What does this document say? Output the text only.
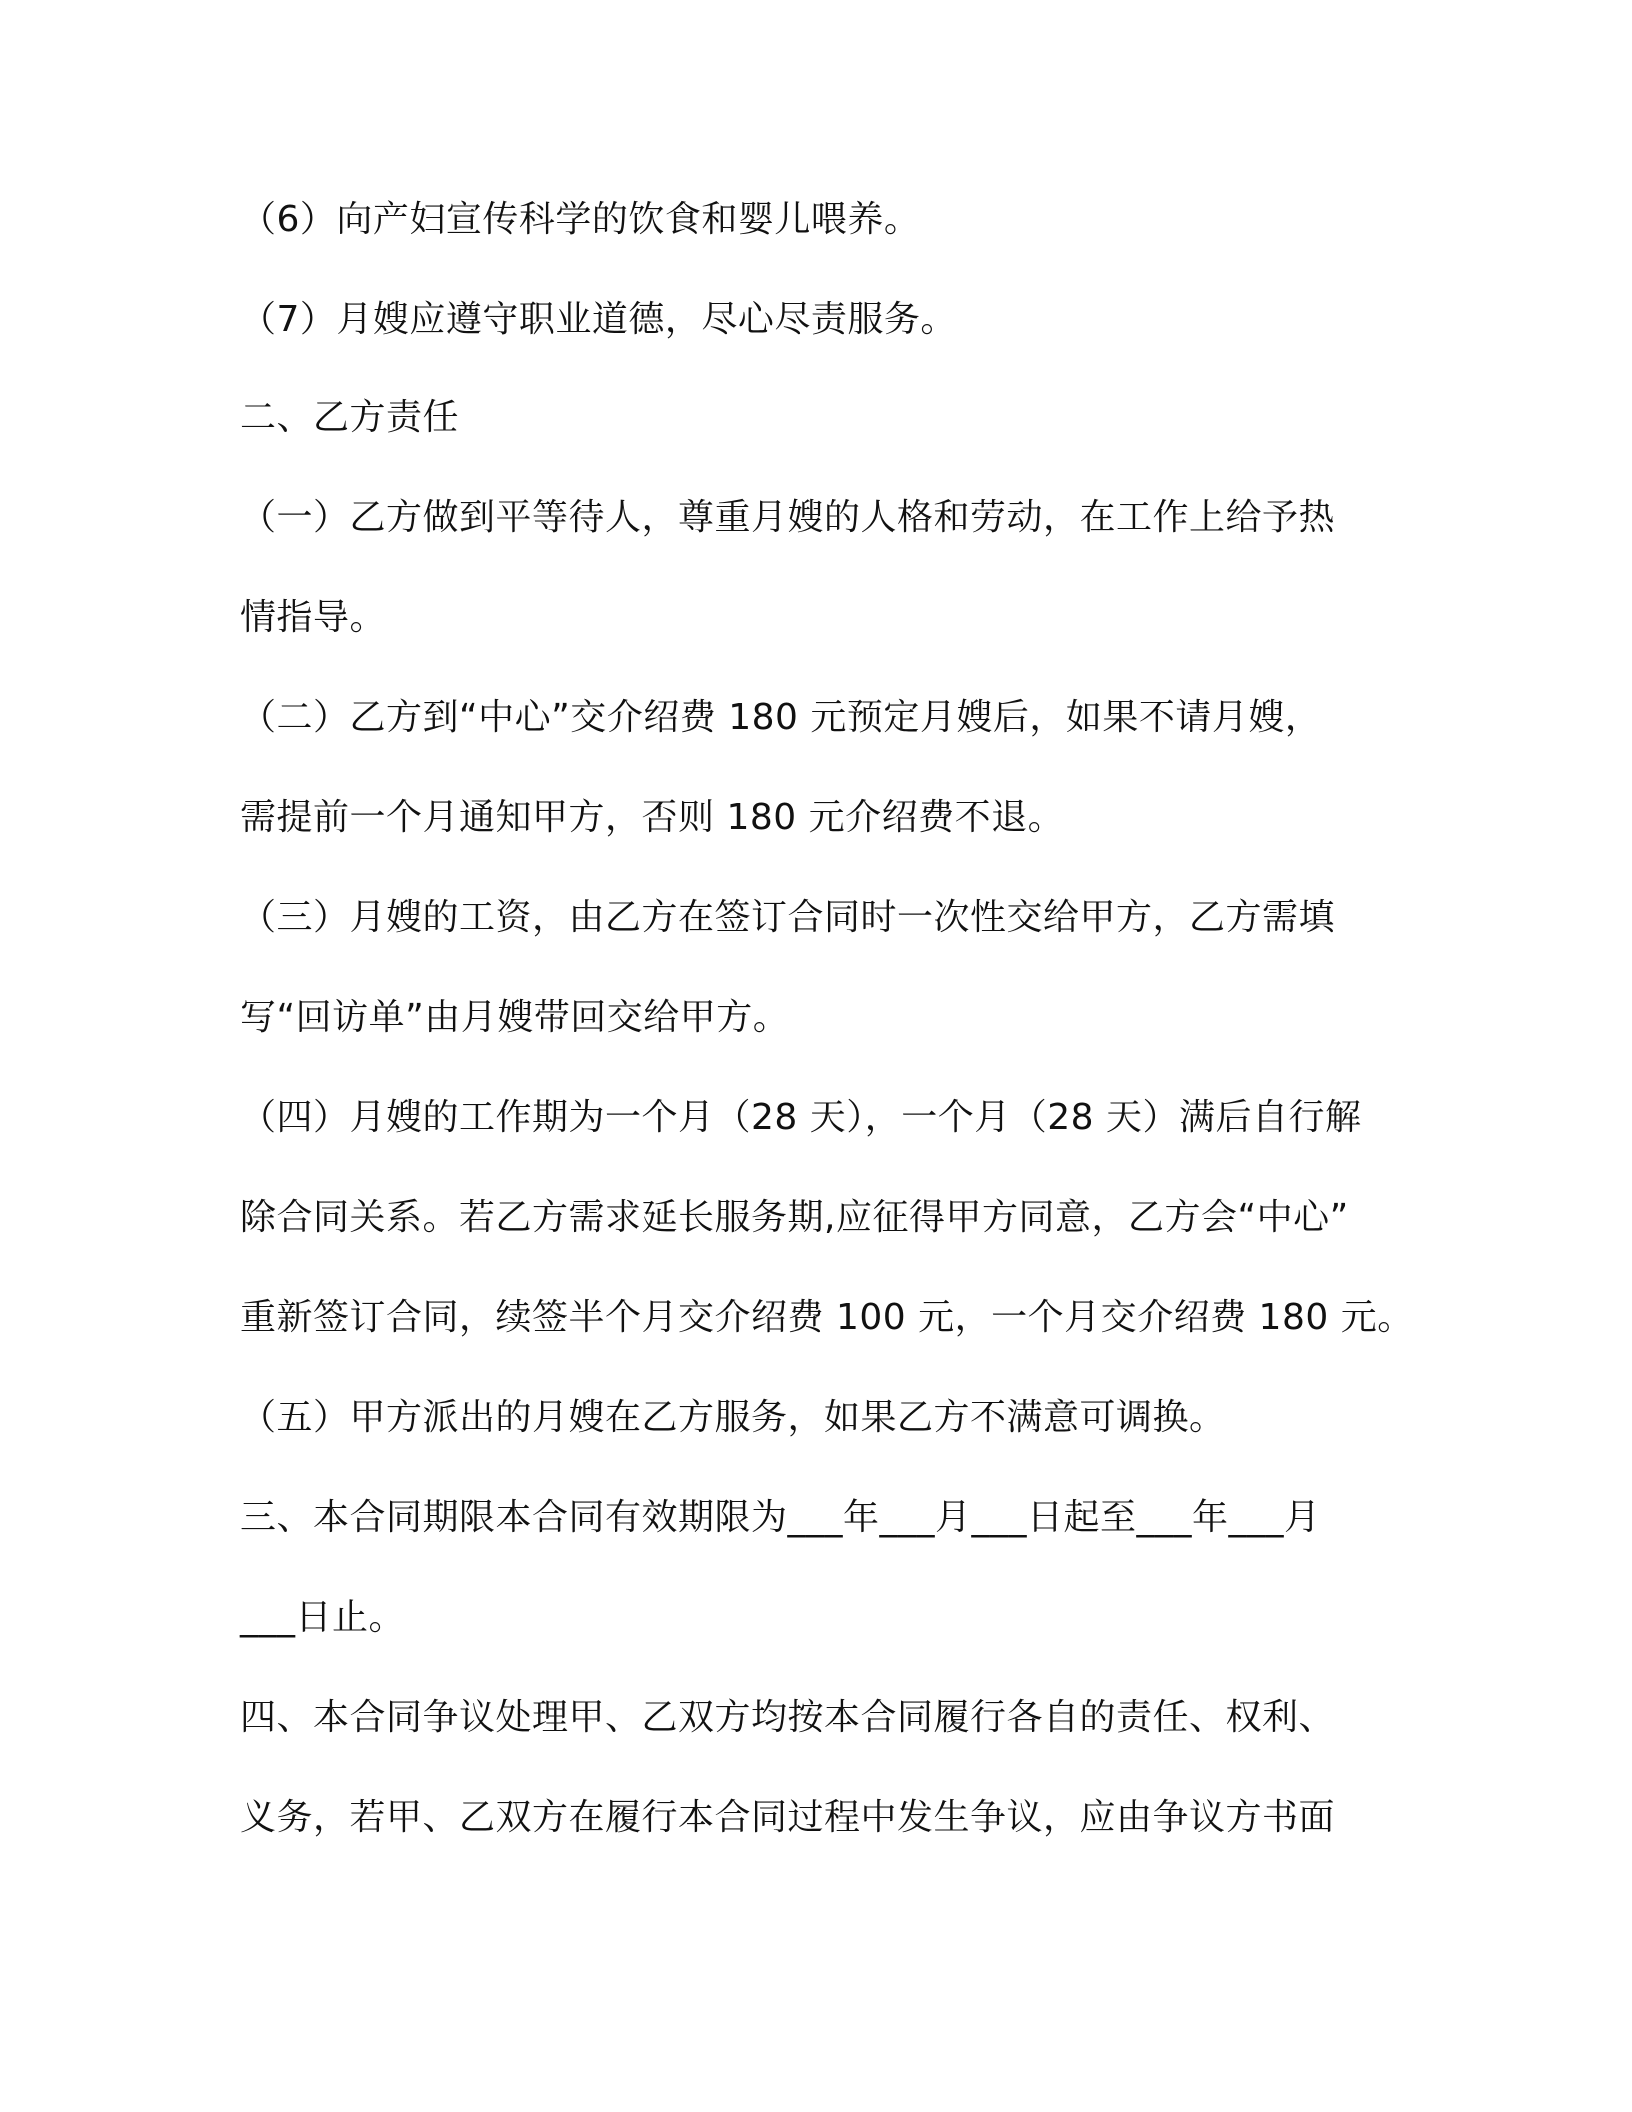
（6）向产妇宣传科学的饮食和婴儿喂养。
（7）月嫂应遵守职业道德，尽心尽责服务。
二、乙方责任
（一）乙方做到平等待人，尊重月嫂的人格和劳动，在工作上给予热
情指导。
（二）乙方到“中心”交介绍费 180 元预定月嫂后，如果不请月嫂，
需提前一个月通知甲方，否则 180 元介绍费不退。
（三）月嫂的工资，由乙方在签订合同时一次性交给甲方，乙方需填
写“回访单”由月嫂带回交给甲方。
（四）月嫂的工作期为一个月（28 天），一个月（28 天）满后自行解
除合同关系。若乙方需求延长服务期,应征得甲方同意，乙方会“中心”
重新签订合同，续签半个月交介绍费 100 元，一个月交介绍费 180 元。
（五）甲方派出的月嫂在乙方服务，如果乙方不满意可调换。
三、本合同期限本合同有效期限为___年___月___日起至___年___月
___日止。
四、本合同争议处理甲、乙双方均按本合同履行各自的责任、权利、
义务，若甲、乙双方在履行本合同过程中发生争议，应由争议方书面
